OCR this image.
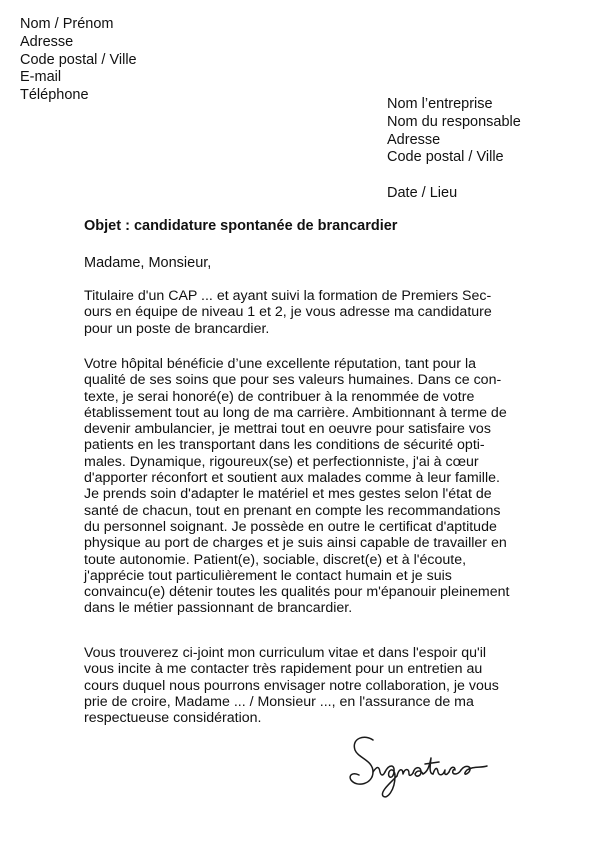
Nom / Prénom
Adresse
Code postal / Ville
E-mail
Téléphone
Nom l’entreprise
Nom du responsable
Adresse
Code postal / Ville
Date / Lieu
Objet : candidature spontanée de brancardier
Madame, Monsieur,
Titulaire d'un CAP ... et ayant suivi la formation de Premiers Sec-
ours en équipe de niveau 1 et 2, je vous adresse ma candidature
pour un poste de brancardier.
Votre hôpital bénéficie d’une excellente réputation, tant pour la
qualité de ses soins que pour ses valeurs humaines. Dans ce con-
texte, je serai honoré(e) de contribuer à la renommée de votre
établissement tout au long de ma carrière. Ambitionnant à terme de
devenir ambulancier, je mettrai tout en oeuvre pour satisfaire vos
patients en les transportant dans les conditions de sécurité opti-
males. Dynamique, rigoureux(se) et perfectionniste, j'ai à cœur
d'apporter réconfort et soutient aux malades comme à leur famille.
Je prends soin d'adapter le matériel et mes gestes selon l'état de
santé de chacun, tout en prenant en compte les recommandations
du personnel soignant. Je possède en outre le certificat d'aptitude
physique au port de charges et je suis ainsi capable de travailler en
toute autonomie. Patient(e), sociable, discret(e) et à l'écoute,
j'apprécie tout particulièrement le contact humain et je suis
convaincu(e) détenir toutes les qualités pour m'épanouir pleinement
dans le métier passionnant de brancardier.
Vous trouverez ci-joint mon curriculum vitae et dans l'espoir qu'il
vous incite à me contacter très rapidement pour un entretien au
cours duquel nous pourrons envisager notre collaboration, je vous
prie de croire, Madame ... / Monsieur ..., en l'assurance de ma
respectueuse considération.
Signature
